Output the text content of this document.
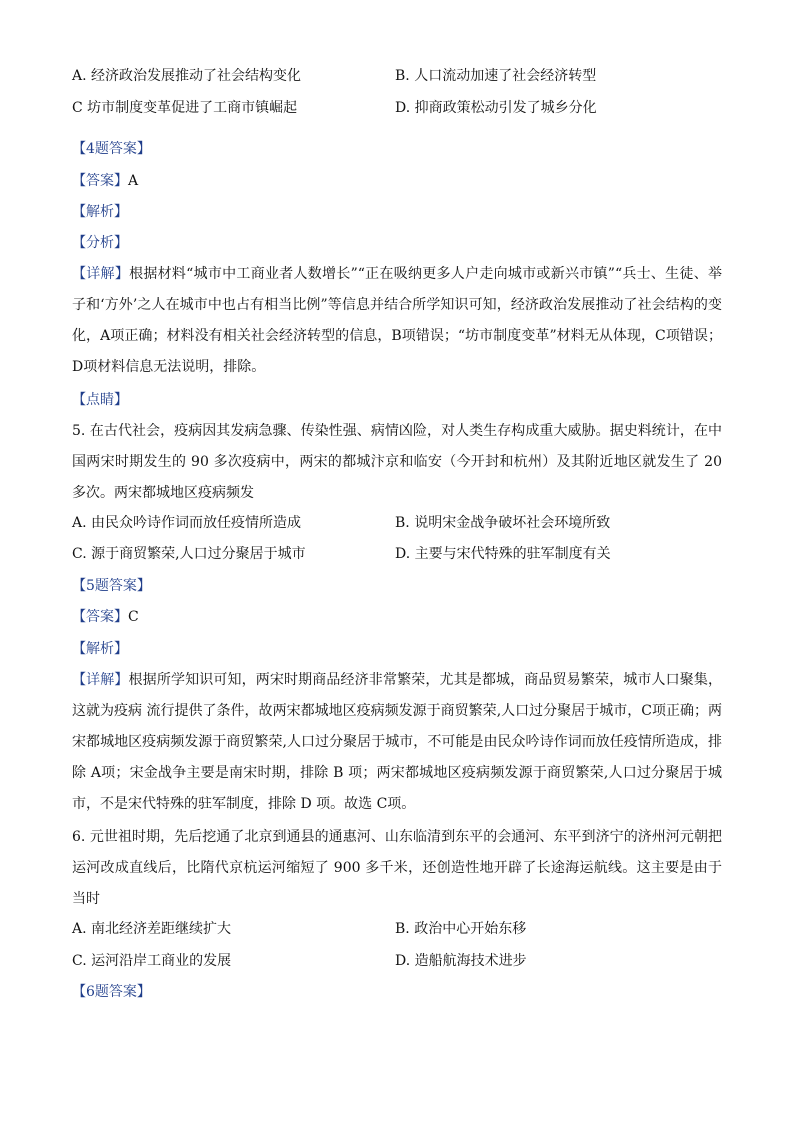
A. 经济政治发展推动了社会结构变化	B. 人口流动加速了社会经济转型
C 坊市制度变革促进了工商市镇崛起	D. 抑商政策松动引发了城乡分化
【4题答案】
【答案】A
【解析】
【分析】
【详解】根据材料“城市中工商业者人数增长”“正在吸纳更多人户走向城市或新兴市镇”“兵士、生徒、举子和‘方外’之人在城市中也占有相当比例”等信息并结合所学知识可知，经济政治发展推动了社会结构的变化，A项正确；材料没有相关社会经济转型的信息，B项错误；“坊市制度变革”材料无从体现，C项错误；D项材料信息无法说明，排除。
【点睛】
5. 在古代社会，疫病因其发病急骤、传染性强、病情凶险，对人类生存构成重大威胁。据史料统计，在中国两宋时期发生的 90 多次疫病中，两宋的都城汴京和临安（今开封和杭州）及其附近地区就发生了 20多次。两宋都城地区疫病频发
A. 由民众吟诗作词而放任疫情所造成	B. 说明宋金战争破坏社会环境所致
C. 源于商贸繁荣,人口过分聚居于城市	D. 主要与宋代特殊的驻军制度有关
【5题答案】
【答案】C
【解析】
【详解】根据所学知识可知，两宋时期商品经济非常繁荣，尤其是都城，商品贸易繁荣，城市人口聚集，这就为疫病 流行提供了条件，故两宋都城地区疫病频发源于商贸繁荣,人口过分聚居于城市，C项正确；两宋都城地区疫病频发源于商贸繁荣,人口过分聚居于城市，不可能是由民众吟诗作词而放任疫情所造成，排除 A项；宋金战争主要是南宋时期，排除 B 项；两宋都城地区疫病频发源于商贸繁荣,人口过分聚居于城市，不是宋代特殊的驻军制度，排除 D 项。故选 C项。
6. 元世祖时期，先后挖通了北京到通县的通惠河、山东临清到东平的会通河、东平到济宁的济州河元朝把运河改成直线后，比隋代京杭运河缩短了 900 多千米，还创造性地开辟了长途海运航线。这主要是由于当时
A. 南北经济差距继续扩大	B. 政治中心开始东移
C. 运河沿岸工商业的发展	D. 造船航海技术进步
【6题答案】
